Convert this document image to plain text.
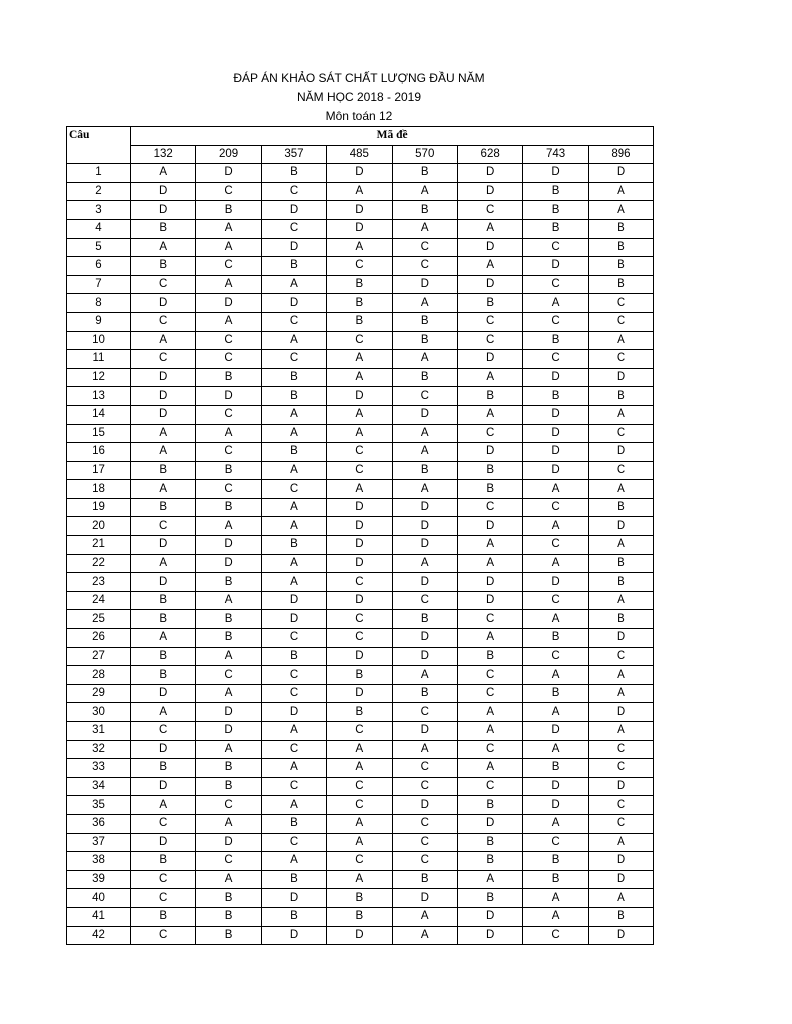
ĐÁP ÁN KHẢO SÁT CHẤT LƯỢNG ĐẦU NĂM
NĂM HỌC 2018 - 2019
Môn toán 12
Câu	Mã đề							
	132	209	357	485	570	628	743	896
1	A	D	B	D	B	D	D	D
2	D	C	C	A	A	D	B	A
3	D	B	D	D	B	C	B	A
4	B	A	C	D	A	A	B	B
5	A	A	D	A	C	D	C	B
6	B	C	B	C	C	A	D	B
7	C	A	A	B	D	D	C	B
8	D	D	D	B	A	B	A	C
9	C	A	C	B	B	C	C	C
10	A	C	A	C	B	C	B	A
11	C	C	C	A	A	D	C	C
12	D	B	B	A	B	A	D	D
13	D	D	B	D	C	B	B	B
14	D	C	A	A	D	A	D	A
15	A	A	A	A	A	C	D	C
16	A	C	B	C	A	D	D	D
17	B	B	A	C	B	B	D	C
18	A	C	C	A	A	B	A	A
19	B	B	A	D	D	C	C	B
20	C	A	A	D	D	D	A	D
21	D	D	B	D	D	A	C	A
22	A	D	A	D	A	A	A	B
23	D	B	A	C	D	D	D	B
24	B	A	D	D	C	D	C	A
25	B	B	D	C	B	C	A	B
26	A	B	C	C	D	A	B	D
27	B	A	B	D	D	B	C	C
28	B	C	C	B	A	C	A	A
29	D	A	C	D	B	C	B	A
30	A	D	D	B	C	A	A	D
31	C	D	A	C	D	A	D	A
32	D	A	C	A	A	C	A	C
33	B	B	A	A	C	A	B	C
34	D	B	C	C	C	C	D	D
35	A	C	A	C	D	B	D	C
36	C	A	B	A	C	D	A	C
37	D	D	C	A	C	B	C	A
38	B	C	A	C	C	B	B	D
39	C	A	B	A	B	A	B	D
40	C	B	D	B	D	B	A	A
41	B	B	B	B	A	D	A	B
42	C	B	D	D	A	D	C	D
